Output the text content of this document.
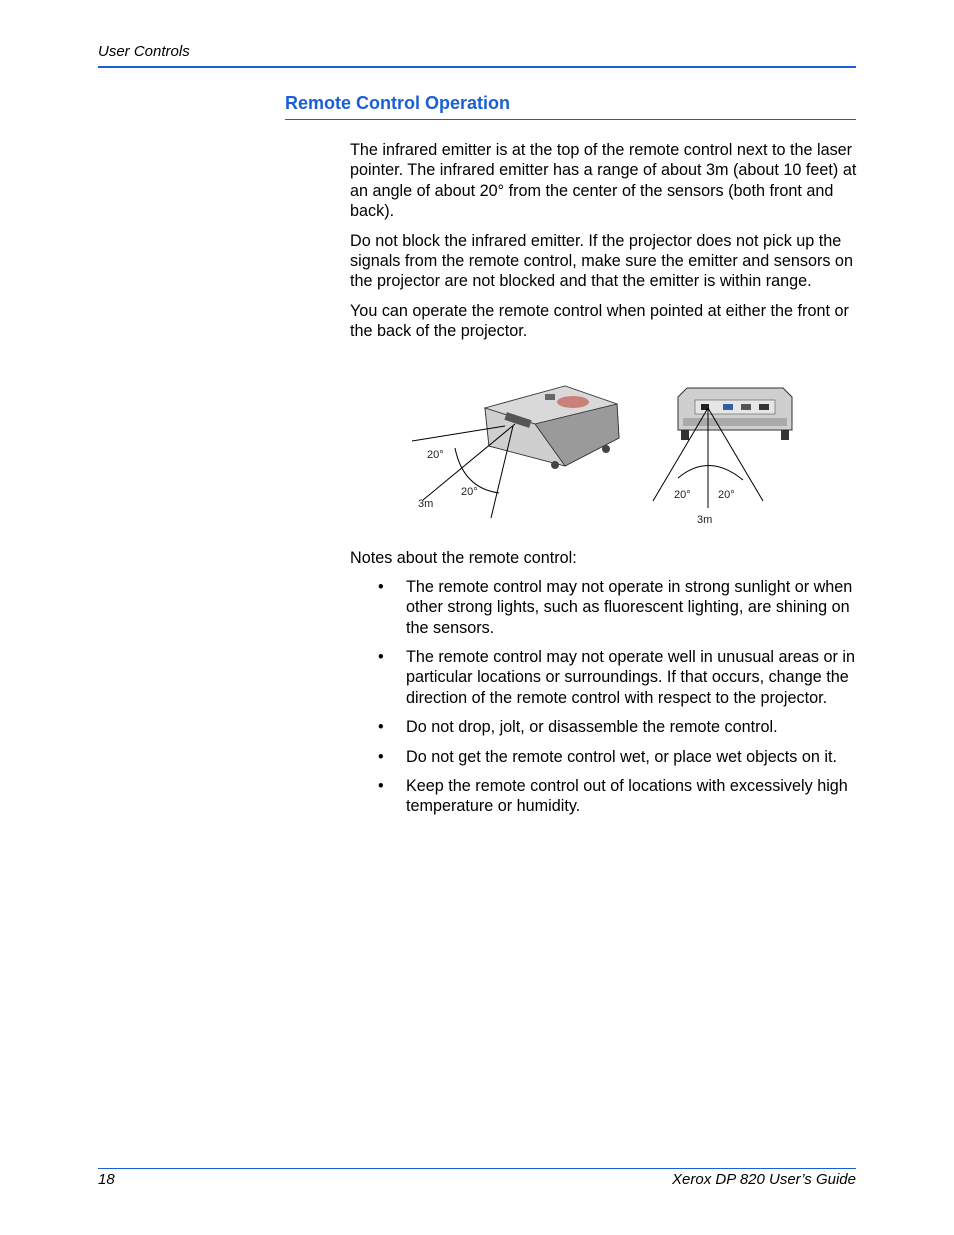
User Controls
Remote Control Operation

The infrared emitter is at the top of the remote control next to the laser pointer. The infrared emitter has a range of about 3m (about 10 feet) at an angle of about 20° from the center of the sensors (both front and back).

Do not block the infrared emitter. If the projector does not pick up the signals from the remote control, make sure the emitter and sensors on the projector are not blocked and that the emitter is within range.

You can operate the remote control when pointed at either the front or the back of the projector.

20°
20°
3m
20° 20°
3m
Notes about the remote control:
• The remote control may not operate in strong sunlight or when other strong lights, such as fluorescent lighting, are shining on the sensors.
• The remote control may not operate well in unusual areas or in particular locations or surroundings. If that occurs, change the direction of the remote control with respect to the projector.
• Do not drop, jolt, or disassemble the remote control.
• Do not get the remote control wet, or place wet objects on it.
• Keep the remote control out of locations with excessively high temperature or humidity.
18	Xerox DP 820 User’s Guide
